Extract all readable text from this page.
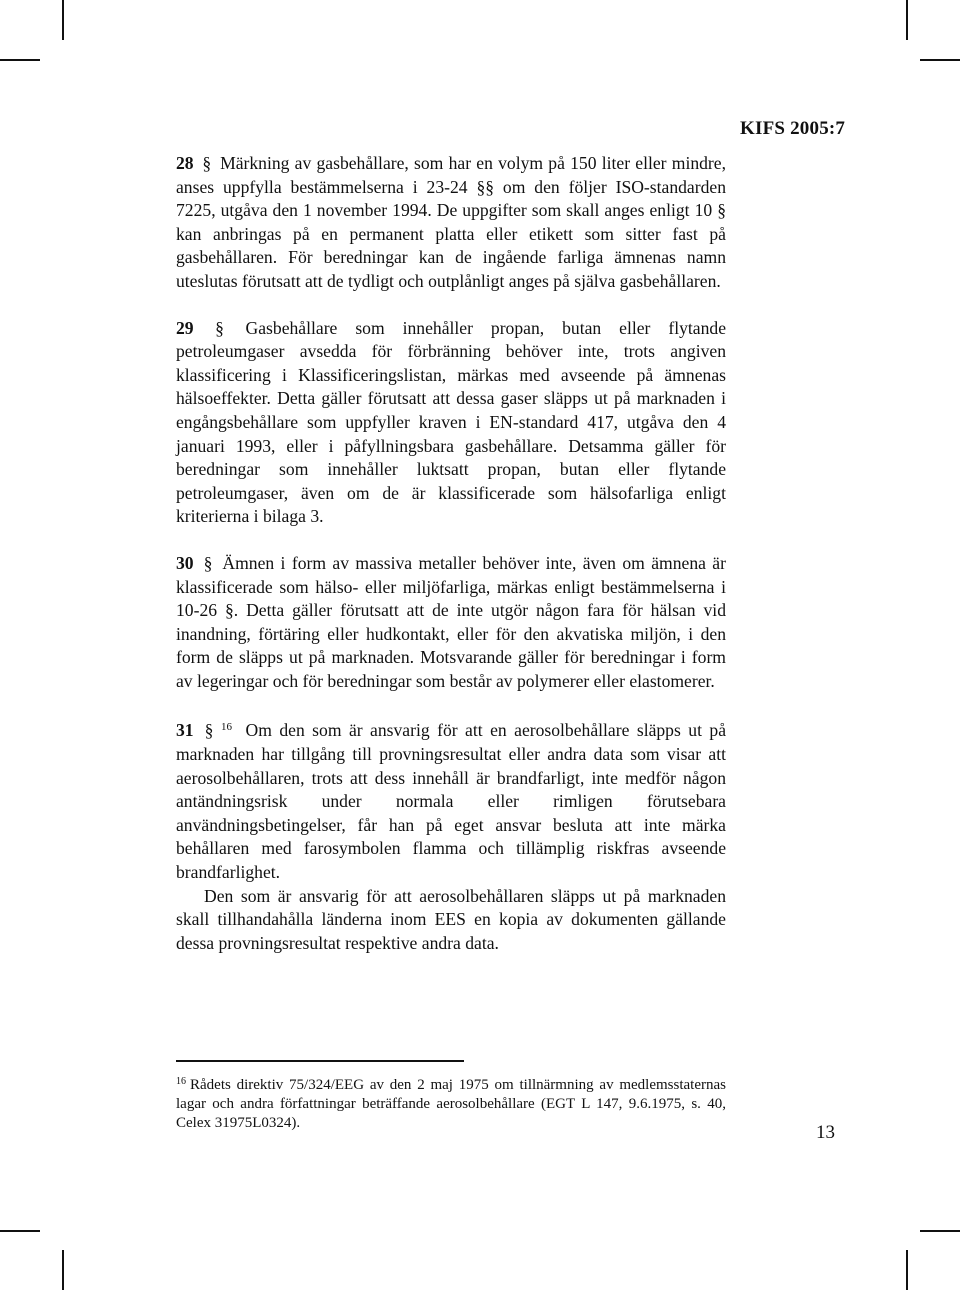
KIFS 2005:7

28 § Märkning av gasbehållare, som har en volym på 150 liter eller mindre, anses uppfylla bestämmelserna i 23-24 §§ om den följer ISO-standarden 7225, utgåva den 1 november 1994. De uppgifter som skall anges enligt 10 § kan anbringas på en permanent platta eller etikett som sitter fast på gasbehållaren. För beredningar kan de ingående farliga ämnenas namn uteslutas förutsatt att de tydligt och outplånligt anges på själva gasbehållaren.

29 § Gasbehållare som innehåller propan, butan eller flytande petroleumgaser avsedda för förbränning behöver inte, trots angiven klassificering i Klassificeringslistan, märkas med avseende på ämnenas hälsoeffekter. Detta gäller förutsatt att dessa gaser släpps ut på marknaden i engångsbehållare som uppfyller kraven i EN-standard 417, utgåva den 4 januari 1993, eller i påfyllningsbara gasbehållare. Detsamma gäller för beredningar som innehåller luktsatt propan, butan eller flytande petroleumgaser, även om de är klassificerade som hälsofarliga enligt kriterierna i bilaga 3.

30 § Ämnen i form av massiva metaller behöver inte, även om ämnena är klassificerade som hälso- eller miljöfarliga, märkas enligt bestämmelserna i 10-26 §. Detta gäller förutsatt att de inte utgör någon fara för hälsan vid inandning, förtäring eller hudkontakt, eller för den akvatiska miljön, i den form de släpps ut på marknaden. Motsvarande gäller för beredningar i form av legeringar och för beredningar som består av polymerer eller elastomerer.

31 § $^{16}$ Om den som är ansvarig för att en aerosolbehållare släpps ut på marknaden har tillgång till provningsresultat eller andra data som visar att aerosolbehållaren, trots att dess innehåll är brandfarligt, inte medför någon antändningsrisk under normala eller rimligen förutsebara användningsbetingelser, får han på eget ansvar besluta att inte märka behållaren med farosymbolen flamma och tillämplig riskfras avseende brandfarlighet.

Den som är ansvarig för att aerosolbehållaren släpps ut på marknaden skall tillhandahålla länderna inom EES en kopia av dokumenten gällande dessa provningsresultat respektive andra data.

$^{16}$ Rådets direktiv 75/324/EEG av den 2 maj 1975 om tillnärmning av medlemsstaternas lagar och andra författningar beträffande aerosolbehållare (EGT L 147, 9.6.1975, s. 40, Celex 31975L0324).	13
